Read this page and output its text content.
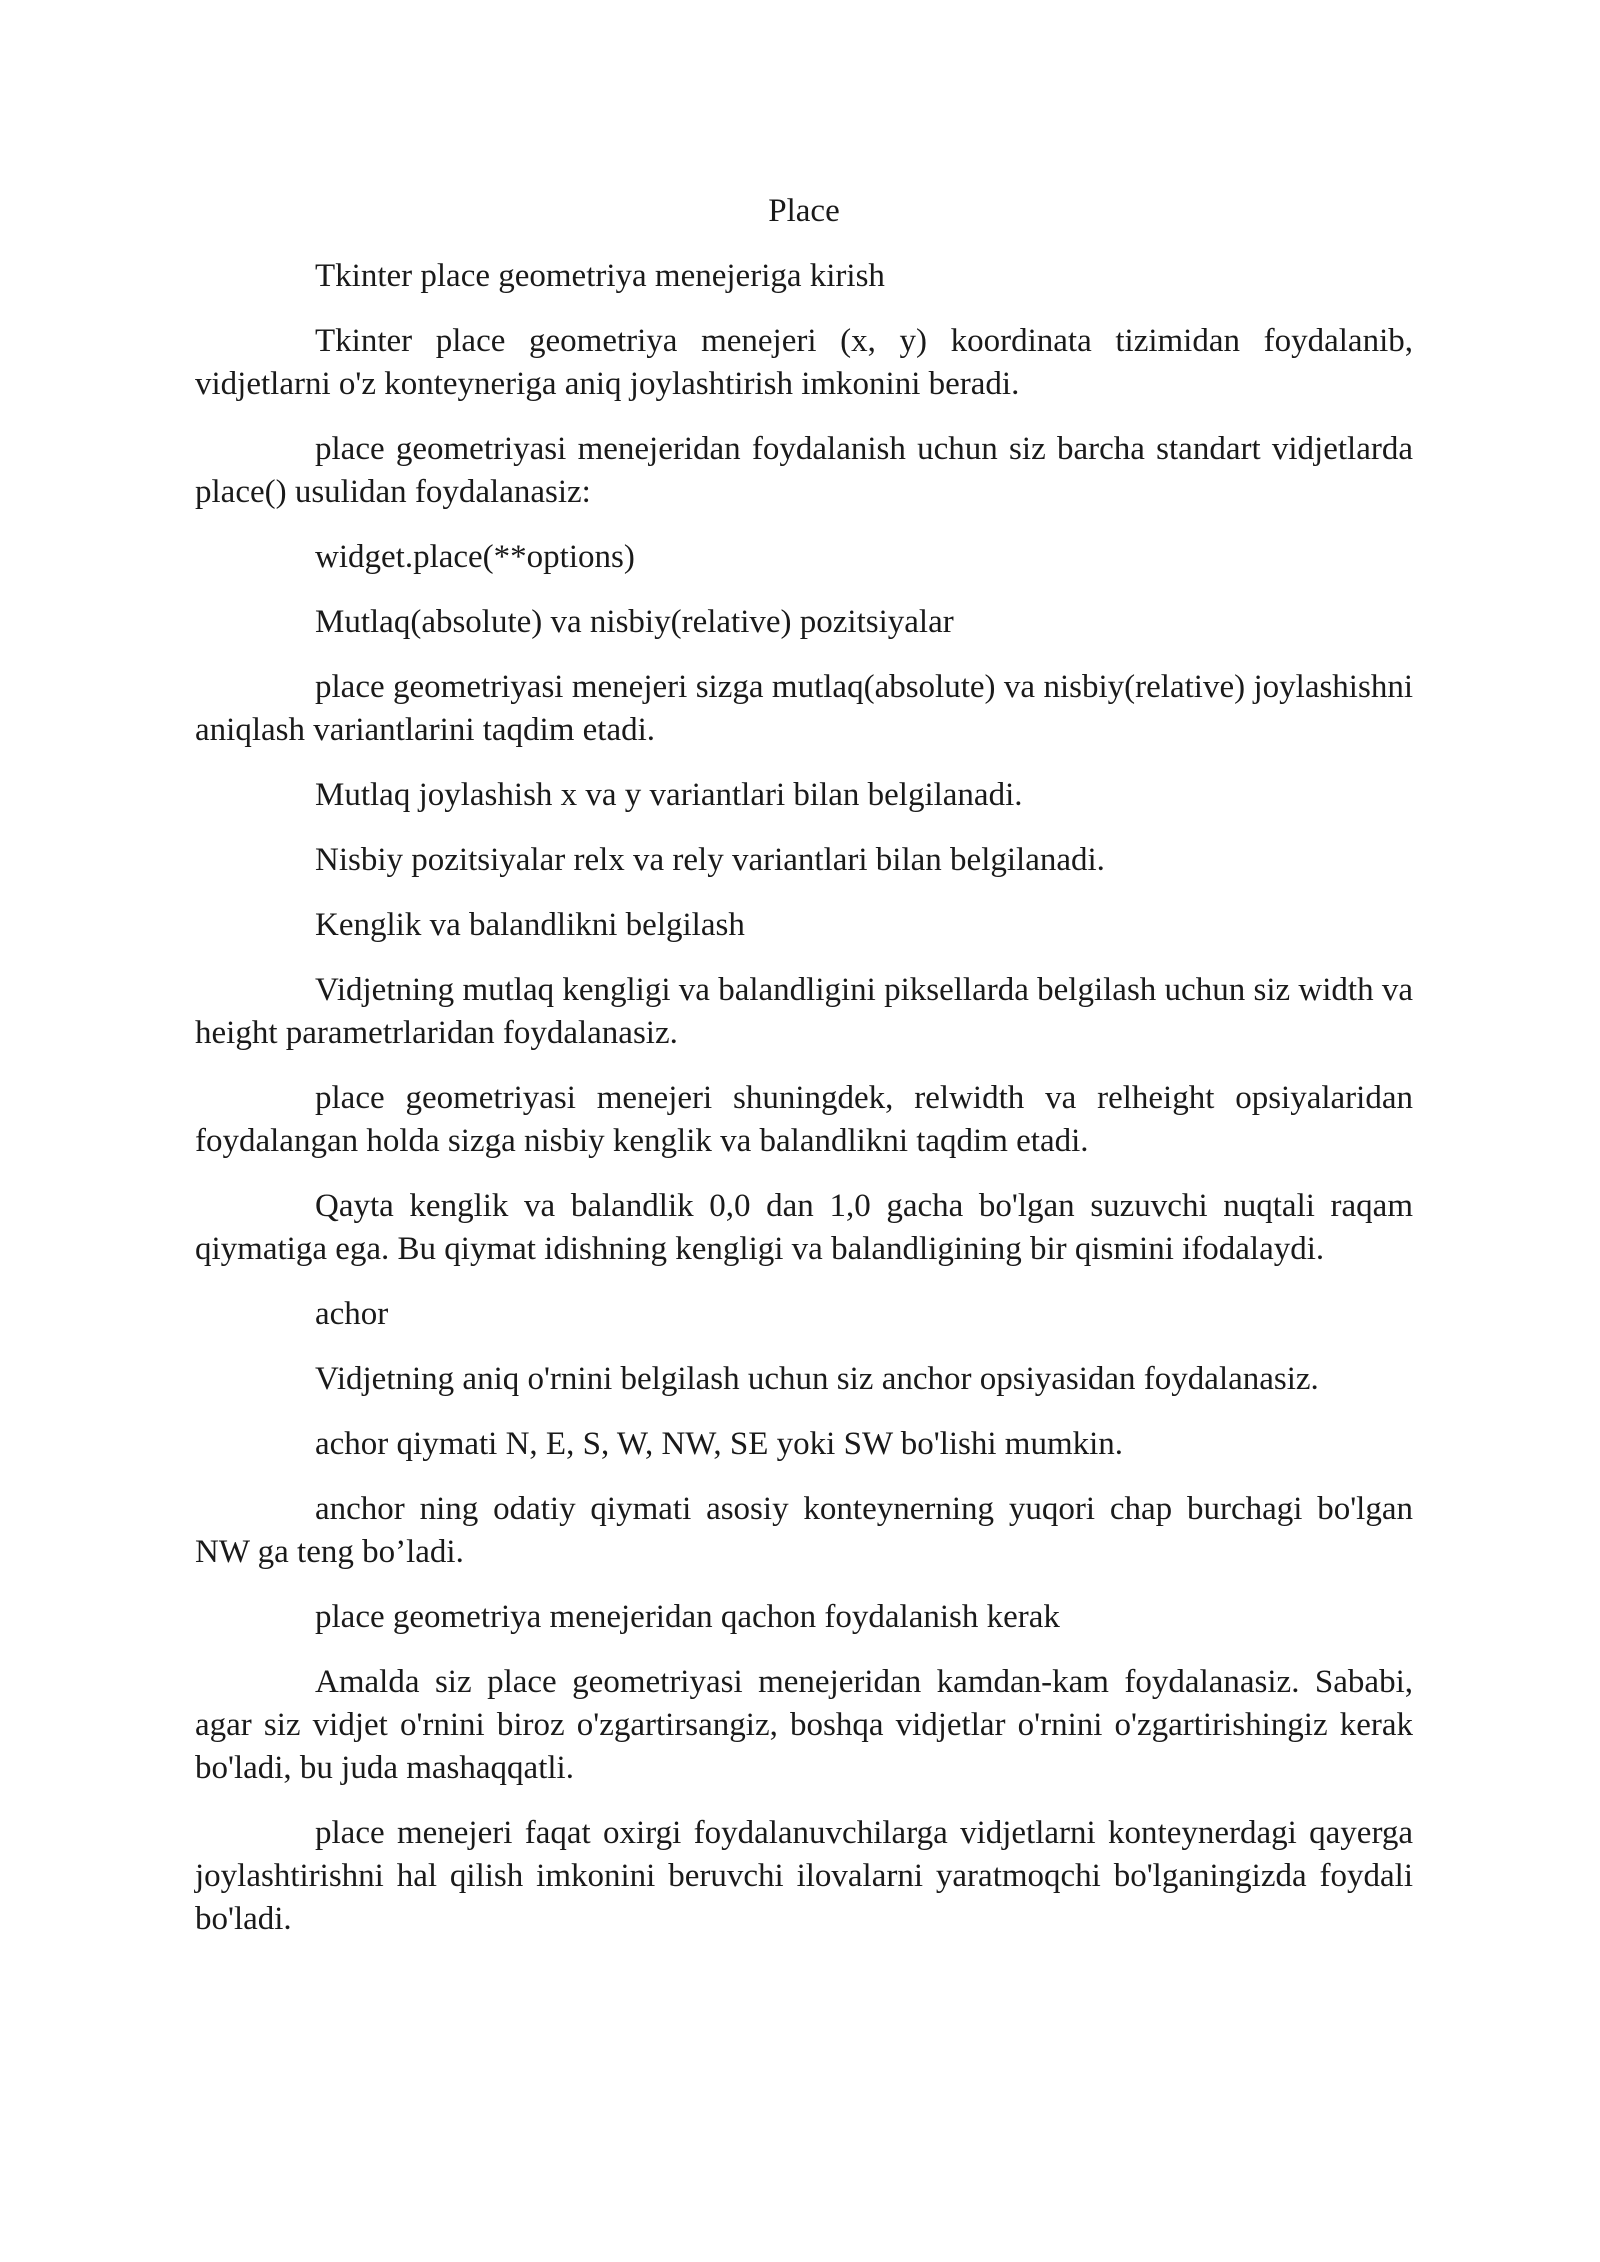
Place

Tkinter place geometriya menejeriga kirish

Tkinter place geometriya menejeri (x, y) koordinata tizimidan foydalanib, vidjetlarni o'z konteyneriga aniq joylashtirish imkonini beradi.

place geometriyasi menejeridan foydalanish uchun siz barcha standart vidjetlarda place() usulidan foydalanasiz:

widget.place(**options)

Mutlaq(absolute) va nisbiy(relative) pozitsiyalar

place geometriyasi menejeri sizga mutlaq(absolute) va nisbiy(relative) joylashishni aniqlash variantlarini taqdim etadi.

Mutlaq joylashish x va y variantlari bilan belgilanadi.

Nisbiy pozitsiyalar relx va rely variantlari bilan belgilanadi.

Kenglik va balandlikni belgilash

Vidjetning mutlaq kengligi va balandligini piksellarda belgilash uchun siz width va height parametrlaridan foydalanasiz.

place geometriyasi menejeri shuningdek, relwidth va relheight opsiyalaridan foydalangan holda sizga nisbiy kenglik va balandlikni taqdim etadi.

Qayta kenglik va balandlik 0,0 dan 1,0 gacha bo'lgan suzuvchi nuqtali raqam qiymatiga ega. Bu qiymat idishning kengligi va balandligining bir qismini ifodalaydi.

achor

Vidjetning aniq o'rnini belgilash uchun siz anchor opsiyasidan foydalanasiz.

achor qiymati N, E, S, W, NW, SE yoki SW bo'lishi mumkin.

anchor ning odatiy qiymati asosiy konteynerning yuqori chap burchagi bo'lgan NW ga teng bo’ladi.

place geometriya menejeridan qachon foydalanish kerak

Amalda siz place geometriyasi menejeridan kamdan-kam foydalanasiz. Sababi, agar siz vidjet o'rnini biroz o'zgartirsangiz, boshqa vidjetlar o'rnini o'zgartirishingiz kerak bo'ladi, bu juda mashaqqatli.

place menejeri faqat oxirgi foydalanuvchilarga vidjetlarni konteynerdagi qayerga joylashtirishni hal qilish imkonini beruvchi ilovalarni yaratmoqchi bo'lganingizda foydali bo'ladi.
